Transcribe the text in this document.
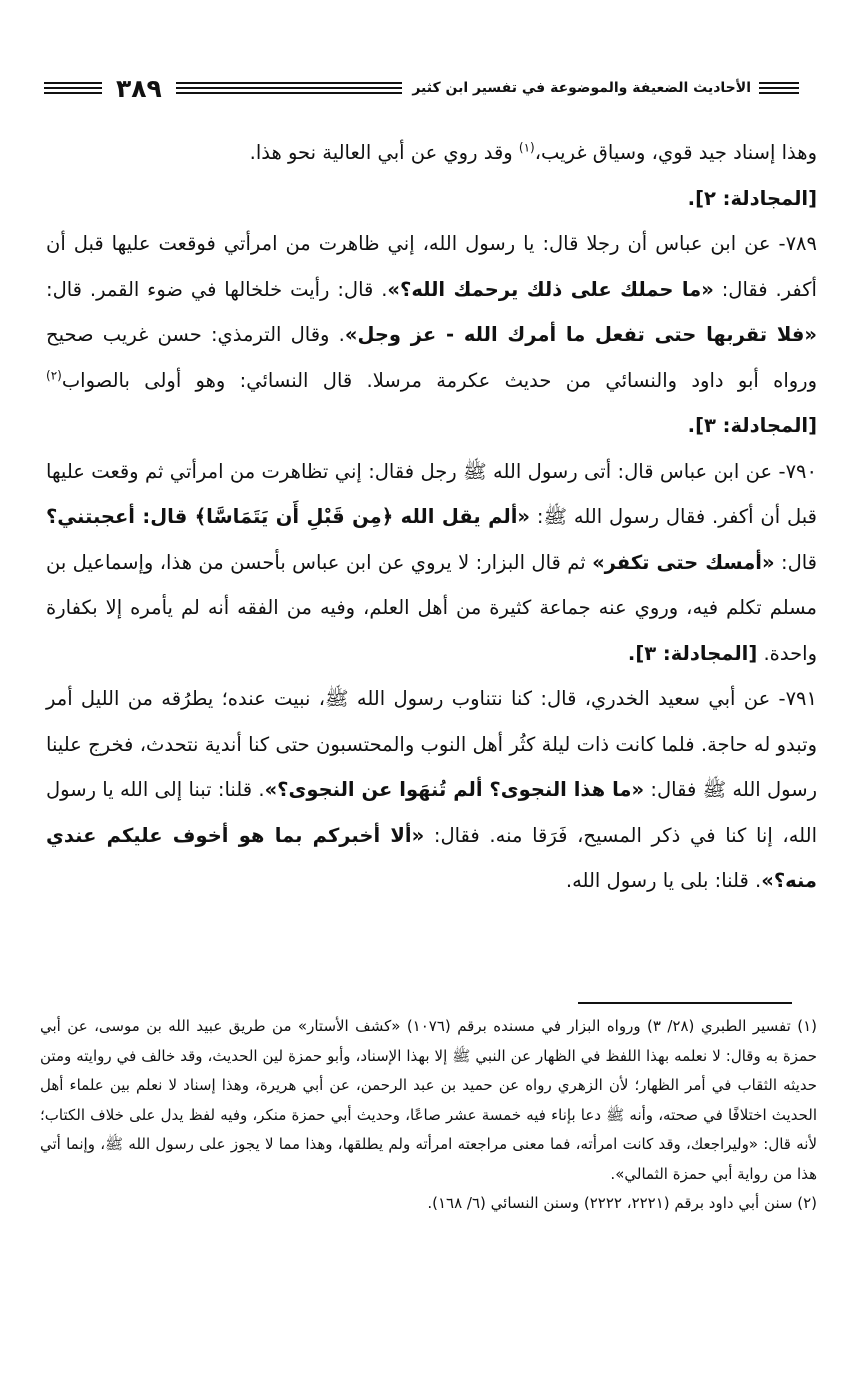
الأحاديث الضعيفة والموضوعة في تفسير ابن كثير
٣٨٩

وهذا إسناد جيد قوي، وسياق غريب،$^{(١)}$ وقد روي عن أبي العالية نحو هذا.
[المجادلة: ٢].

٧٨٩- عن ابن عباس أن رجلا قال: يا رسول الله، إني ظاهرت من امرأتي فوقعت عليها قبل أن أكفر. فقال: «ما حملك على ذلك يرحمك الله؟». قال: رأيت خلخالها في ضوء القمر. قال: «فلا تقربها حتى تفعل ما أمرك الله - عز وجل». وقال الترمذي: حسن غريب صحيح ورواه أبو داود والنسائي من حديث عكرمة مرسلا. قال النسائي: وهو أولى بالصواب$^{(٢)}$ [المجادلة: ٣].

٧٩٠- عن ابن عباس قال: أتى رسول الله ﷺ رجل فقال: إني تظاهرت من امرأتي ثم وقعت عليها قبل أن أكفر. فقال رسول الله ﷺ: «ألم يقل الله ﴿مِن قَبْلِ أَن يَتَمَاسَّا﴾ قال: أعجبتني؟ قال: «أمسك حتى تكفر» ثم قال البزار: لا يروي عن ابن عباس بأحسن من هذا، وإسماعيل بن مسلم تكلم فيه، وروي عنه جماعة كثيرة من أهل العلم، وفيه من الفقه أنه لم يأمره إلا بكفارة واحدة. [المجادلة: ٣].

٧٩١- عن أبي سعيد الخدري، قال: كنا نتناوب رسول الله ﷺ، نبيت عنده؛ يطرُقه من الليل أمر وتبدو له حاجة. فلما كانت ذات ليلة كثُر أهل النوب والمحتسبون حتى كنا أندية نتحدث، فخرج علينا رسول الله ﷺ فقال: «ما هذا النجوى؟ ألم تُنهَوا عن النجوى؟». قلنا: تبنا إلى الله يا رسول الله، إنا كنا في ذكر المسيح، فَرَقا منه. فقال: «ألا أخبركم بما هو أخوف عليكم عندي منه؟». قلنا: بلى يا رسول الله.

(١) تفسير الطبري (٢٨/ ٣) ورواه البزار في مسنده برقم (١٠٧٦) «كشف الأستار» من طريق عبيد الله بن موسى، عن أبي حمزة به وقال: لا نعلمه بهذا اللفظ في الظهار عن النبي ﷺ إلا بهذا الإسناد، وأبو حمزة لين الحديث، وقد خالف في روايته ومتن حديثه الثقاب في أمر الظهار؛ لأن الزهري رواه عن حميد بن عبد الرحمن، عن أبي هريرة، وهذا إسناد لا نعلم بين علماء أهل الحديث اختلافًا في صحته، وأنه ﷺ دعا بإناء فيه خمسة عشر صاعًا، وحديث أبي حمزة منكر، وفيه لفظ يدل على خلاف الكتاب؛ لأنه قال: «وليراجعك، وقد كانت امرأته، فما معنى مراجعته امرأته ولم يطلقها، وهذا مما لا يجوز على رسول الله ﷺ، وإنما أتي هذا من رواية أبي حمزة الثمالي».

(٢) سنن أبي داود برقم (٢٢٢١، ٢٢٢٢) وسنن النسائي (٦/ ١٦٨).
